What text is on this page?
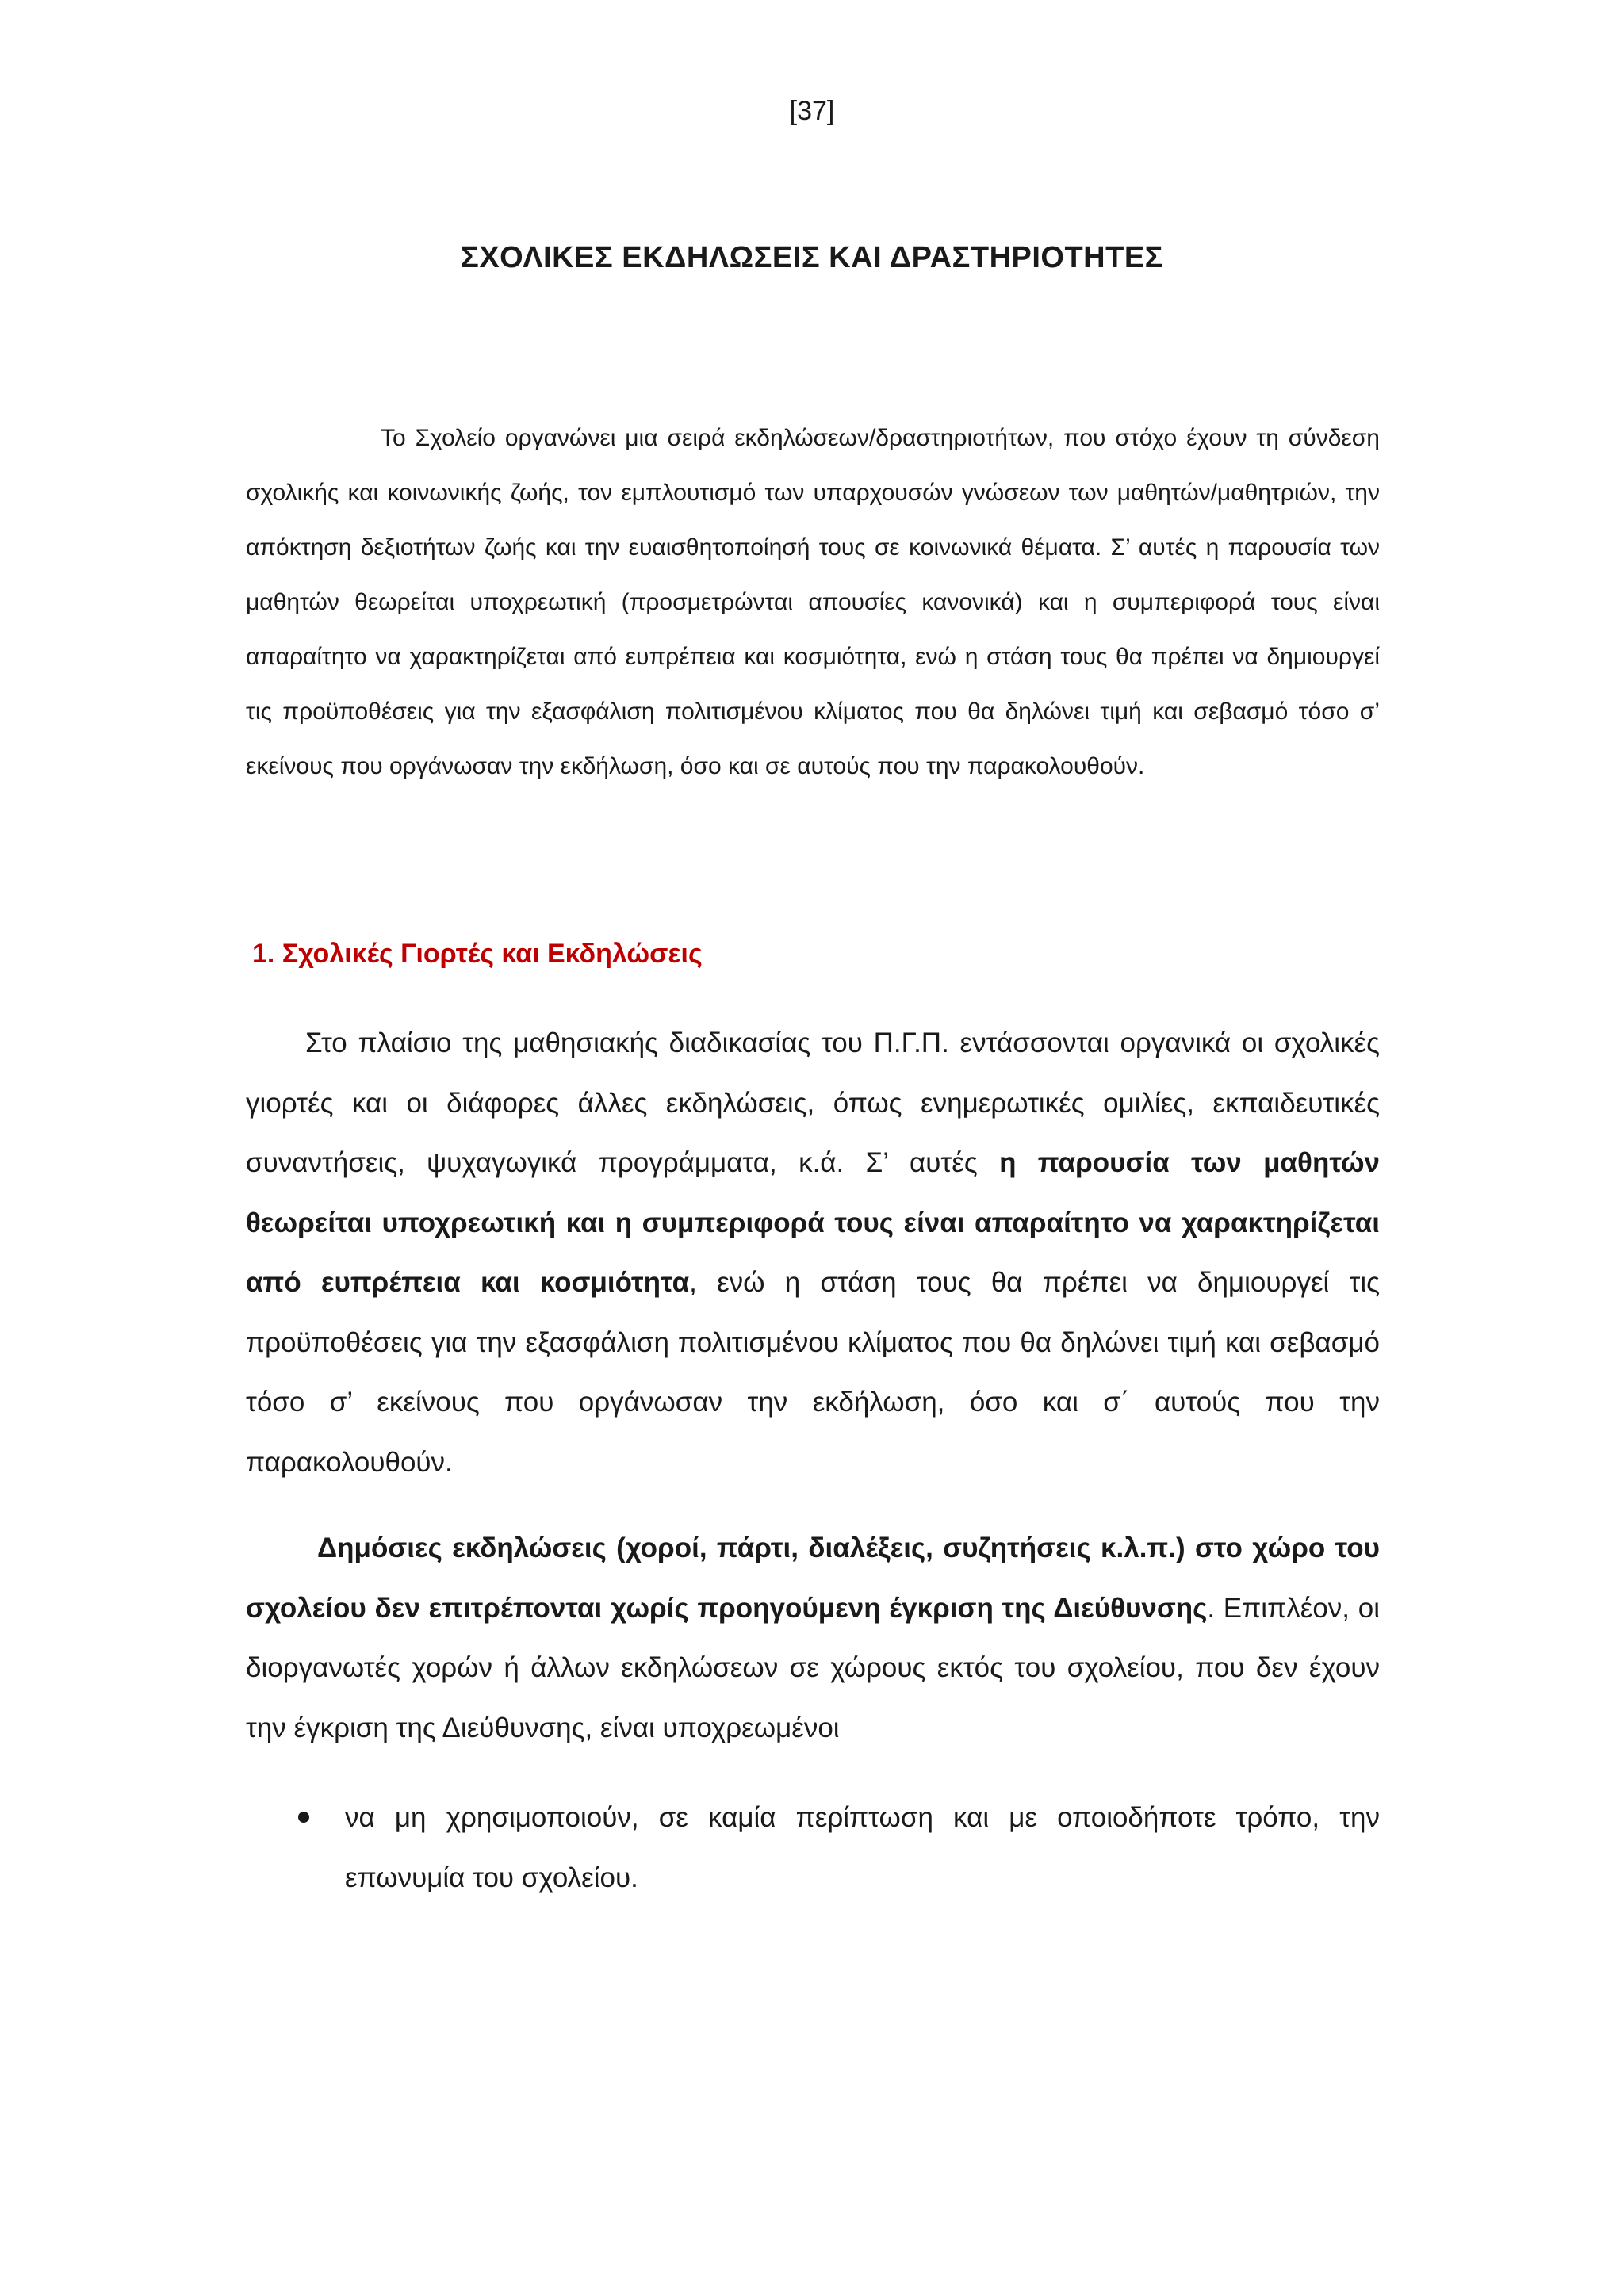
[37]
ΣΧΟΛΙΚΕΣ ΕΚΔΗΛΩΣΕΙΣ ΚΑΙ ΔΡΑΣΤΗΡΙΟΤΗΤΕΣ

Το Σχολείο οργανώνει μια σειρά εκδηλώσεων/δραστηριοτήτων, που στόχο έχουν τη σύνδεση σχολικής και κοινωνικής ζωής, τον εμπλουτισμό των υπαρχουσών γνώσεων των μαθητών/μαθητριών, την απόκτηση δεξιοτήτων ζωής και την ευαισθητοποίησή τους σε κοινωνικά θέματα. Σ’ αυτές η παρουσία των μαθητών θεωρείται υποχρεωτική (προσμετρώνται απουσίες κανονικά) και η συμπεριφορά τους είναι απαραίτητο να χαρακτηρίζεται από ευπρέπεια και κοσμιότητα, ενώ η στάση τους θα πρέπει να δημιουργεί τις προϋποθέσεις για την εξασφάλιση πολιτισμένου κλίματος που θα δηλώνει τιμή και σεβασμό τόσο σ’ εκείνους που οργάνωσαν την εκδήλωση, όσο και σε αυτούς που την παρακολουθούν.

1. Σχολικές Γιορτές και Εκδηλώσεις

Στο πλαίσιο της μαθησιακής διαδικασίας του Π.Γ.Π. εντάσσονται οργανικά οι σχολικές γιορτές και οι διάφορες άλλες εκδηλώσεις, όπως ενημερωτικές ομιλίες, εκπαιδευτικές συναντήσεις, ψυχαγωγικά προγράμματα, κ.ά. Σ’ αυτές η παρουσία των μαθητών θεωρείται υποχρεωτική και η συμπεριφορά τους είναι απαραίτητο να χαρακτηρίζεται από ευπρέπεια και κοσμιότητα, ενώ η στάση τους θα πρέπει να δημιουργεί τις προϋποθέσεις για την εξασφάλιση πολιτισμένου κλίματος που θα δηλώνει τιμή και σεβασμό τόσο σ’ εκείνους που οργάνωσαν την εκδήλωση, όσο και σ΄ αυτούς που την παρακολουθούν.

Δημόσιες εκδηλώσεις (χοροί, πάρτι, διαλέξεις, συζητήσεις κ.λ.π.) στο χώρο του σχολείου δεν επιτρέπονται χωρίς προηγούμενη έγκριση της Διεύθυνσης. Επιπλέον, οι διοργανωτές χορών ή άλλων εκδηλώσεων σε χώρους εκτός του σχολείου, που δεν έχουν την έγκριση της Διεύθυνσης, είναι υποχρεωμένοι

να μη χρησιμοποιούν, σε καμία περίπτωση και με οποιοδήποτε τρόπο, την επωνυμία του σχολείου.
